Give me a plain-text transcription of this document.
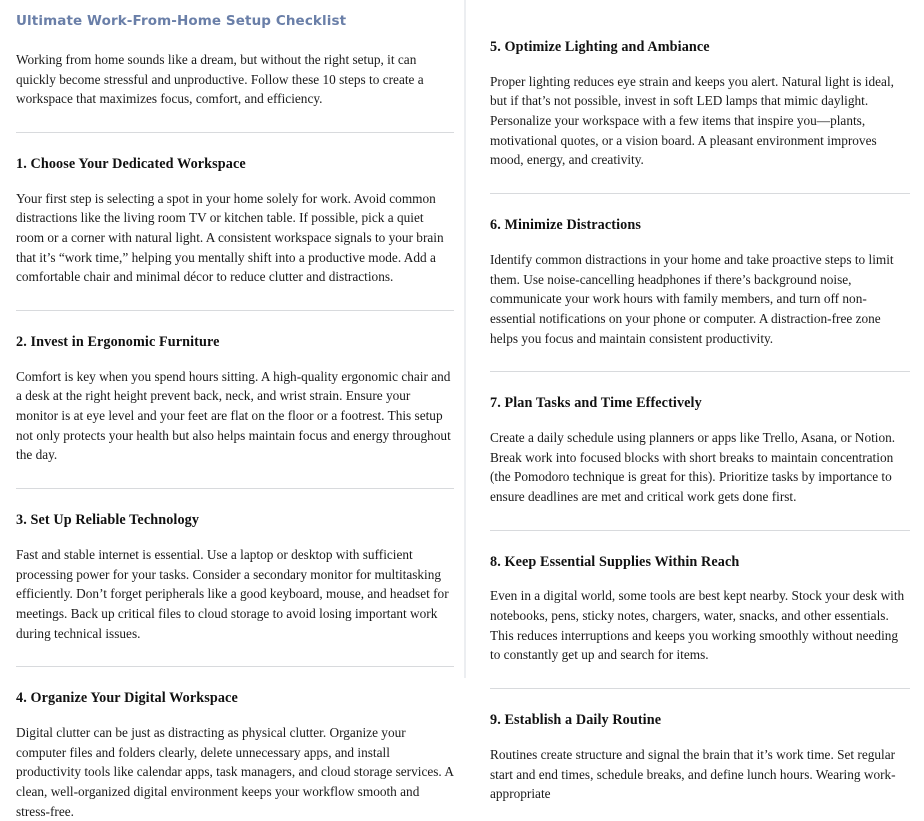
Ultimate Work-From-Home Setup Checklist

Working from home sounds like a dream, but without the right setup, it can quickly become stressful and unproductive. Follow these 10 steps to create a workspace that maximizes focus, comfort, and efficiency.

1. Choose Your Dedicated Workspace

Your first step is selecting a spot in your home solely for work. Avoid common distractions like the living room TV or kitchen table. If possible, pick a quiet room or a corner with natural light. A consistent workspace signals to your brain that it’s “work time,” helping you mentally shift into a productive mode. Add a comfortable chair and minimal décor to reduce clutter and distractions.

2. Invest in Ergonomic Furniture

Comfort is key when you spend hours sitting. A high-quality ergonomic chair and a desk at the right height prevent back, neck, and wrist strain. Ensure your monitor is at eye level and your feet are flat on the floor or a footrest. This setup not only protects your health but also helps maintain focus and energy throughout the day.

3. Set Up Reliable Technology

Fast and stable internet is essential. Use a laptop or desktop with sufficient processing power for your tasks. Consider a secondary monitor for multitasking efficiently. Don’t forget peripherals like a good keyboard, mouse, and headset for meetings. Back up critical files to cloud storage to avoid losing important work during technical issues.

4. Organize Your Digital Workspace

Digital clutter can be just as distracting as physical clutter. Organize your computer files and folders clearly, delete unnecessary apps, and install productivity tools like calendar apps, task managers, and cloud storage services. A clean, well-organized digital environment keeps your workflow smooth and stress-free.

5. Optimize Lighting and Ambiance

Proper lighting reduces eye strain and keeps you alert. Natural light is ideal, but if that’s not possible, invest in soft LED lamps that mimic daylight. Personalize your workspace with a few items that inspire you—plants, motivational quotes, or a vision board. A pleasant environment improves mood, energy, and creativity.

6. Minimize Distractions

Identify common distractions in your home and take proactive steps to limit them. Use noise-cancelling headphones if there’s background noise, communicate your work hours with family members, and turn off non-essential notifications on your phone or computer. A distraction-free zone helps you focus and maintain consistent productivity.

7. Plan Tasks and Time Effectively

Create a daily schedule using planners or apps like Trello, Asana, or Notion. Break work into focused blocks with short breaks to maintain concentration (the Pomodoro technique is great for this). Prioritize tasks by importance to ensure deadlines are met and critical work gets done first.

8. Keep Essential Supplies Within Reach

Even in a digital world, some tools are best kept nearby. Stock your desk with notebooks, pens, sticky notes, chargers, water, snacks, and other essentials. This reduces interruptions and keeps you working smoothly without needing to constantly get up and search for items.

9. Establish a Daily Routine

Routines create structure and signal the brain that it’s work time. Set regular start and end times, schedule breaks, and define lunch hours. Wearing work-appropriate
